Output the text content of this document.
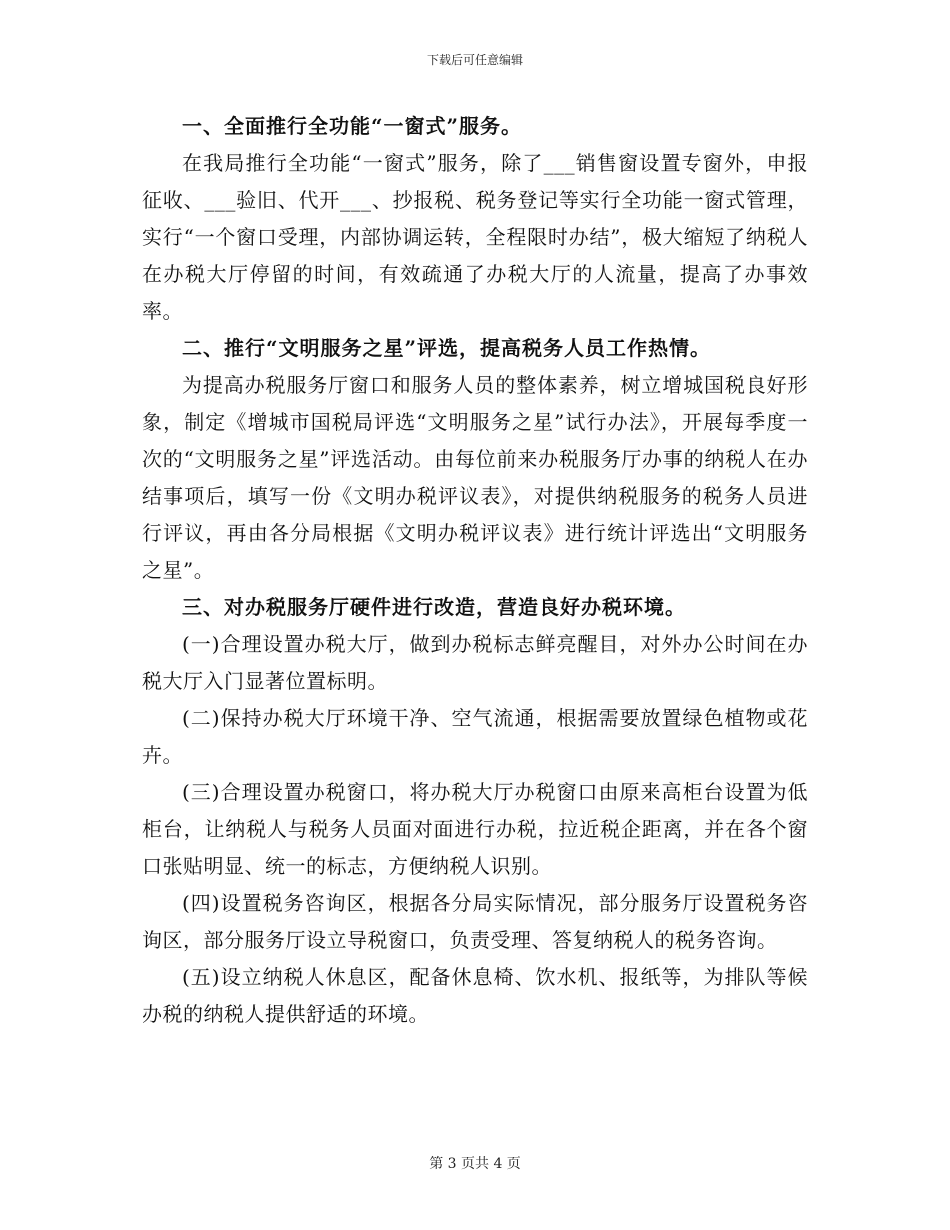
下载后可任意编辑

一、全面推行全功能“一窗式”服务。

在我局推行全功能“一窗式”服务，除了___销售窗设置专窗外，申报征收、___验旧、代开___、抄报税、税务登记等实行全功能一窗式管理，实行“一个窗口受理，内部协调运转，全程限时办结”，极大缩短了纳税人在办税大厅停留的时间，有效疏通了办税大厅的人流量，提高了办事效率。

二、推行“文明服务之星”评选，提高税务人员工作热情。

为提高办税服务厅窗口和服务人员的整体素养，树立增城国税良好形象，制定《增城市国税局评选“文明服务之星”试行办法》，开展每季度一次的“文明服务之星”评选活动。由每位前来办税服务厅办事的纳税人在办结事项后，填写一份《文明办税评议表》，对提供纳税服务的税务人员进行评议，再由各分局根据《文明办税评议表》进行统计评选出“文明服务之星”。

三、对办税服务厅硬件进行改造，营造良好办税环境。

(一)合理设置办税大厅，做到办税标志鲜亮醒目，对外办公时间在办税大厅入门显著位置标明。

(二)保持办税大厅环境干净、空气流通，根据需要放置绿色植物或花卉。

(三)合理设置办税窗口，将办税大厅办税窗口由原来高柜台设置为低柜台，让纳税人与税务人员面对面进行办税，拉近税企距离，并在各个窗口张贴明显、统一的标志，方便纳税人识别。

(四)设置税务咨询区，根据各分局实际情况，部分服务厅设置税务咨询区，部分服务厅设立导税窗口，负责受理、答复纳税人的税务咨询。

(五)设立纳税人休息区，配备休息椅、饮水机、报纸等，为排队等候办税的纳税人提供舒适的环境。

第 3 页共 4 页
